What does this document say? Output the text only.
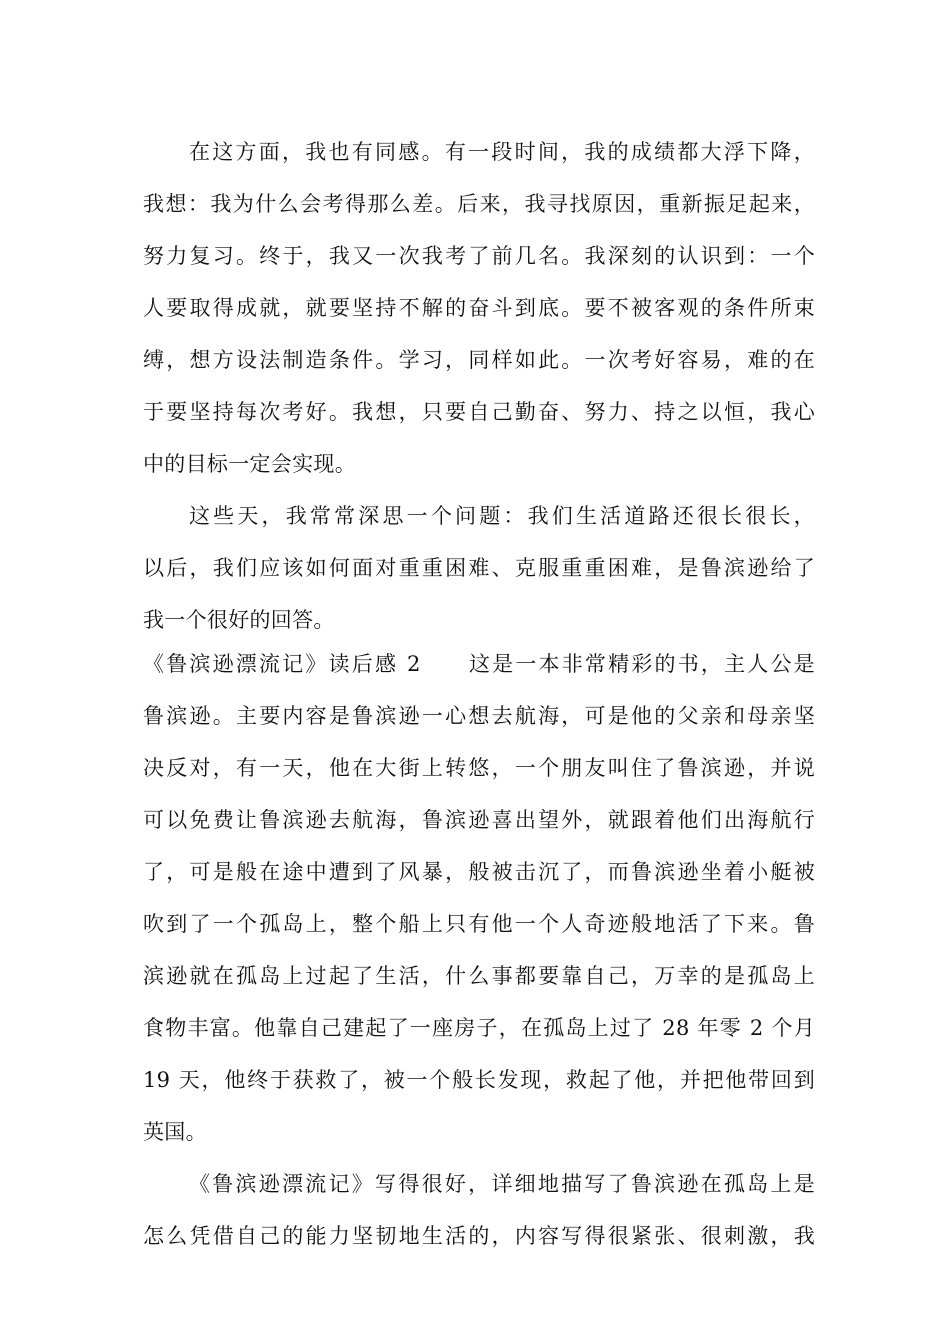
在这方面，我也有同感。有一段时间，我的成绩都大浮下降，
我想：我为什么会考得那么差。后来，我寻找原因，重新振足起来，
努力复习。终于，我又一次我考了前几名。我深刻的认识到：一个
人要取得成就，就要坚持不解的奋斗到底。要不被客观的条件所束
缚，想方设法制造条件。学习，同样如此。一次考好容易，难的在
于要坚持每次考好。我想，只要自己勤奋、努力、持之以恒，我心
中的目标一定会实现。
这些天，我常常深思一个问题：我们生活道路还很长很长，
以后，我们应该如何面对重重困难、克服重重困难，是鲁滨逊给了
我一个很好的回答。
《鲁滨逊漂流记》读后感 2　　这是一本非常精彩的书，主人公是
鲁滨逊。主要内容是鲁滨逊一心想去航海，可是他的父亲和母亲坚
决反对，有一天，他在大街上转悠，一个朋友叫住了鲁滨逊，并说
可以免费让鲁滨逊去航海，鲁滨逊喜出望外，就跟着他们出海航行
了，可是般在途中遭到了风暴，般被击沉了，而鲁滨逊坐着小艇被
吹到了一个孤岛上，整个船上只有他一个人奇迹般地活了下来。鲁
滨逊就在孤岛上过起了生活，什么事都要靠自己，万幸的是孤岛上
食物丰富。他靠自己建起了一座房子，在孤岛上过了 28 年零 2 个月
19 天，他终于获救了，被一个般长发现，救起了他，并把他带回到
英国。
《鲁滨逊漂流记》写得很好，详细地描写了鲁滨逊在孤岛上是
怎么凭借自己的能力坚韧地生活的，内容写得很紧张、很刺激，我
